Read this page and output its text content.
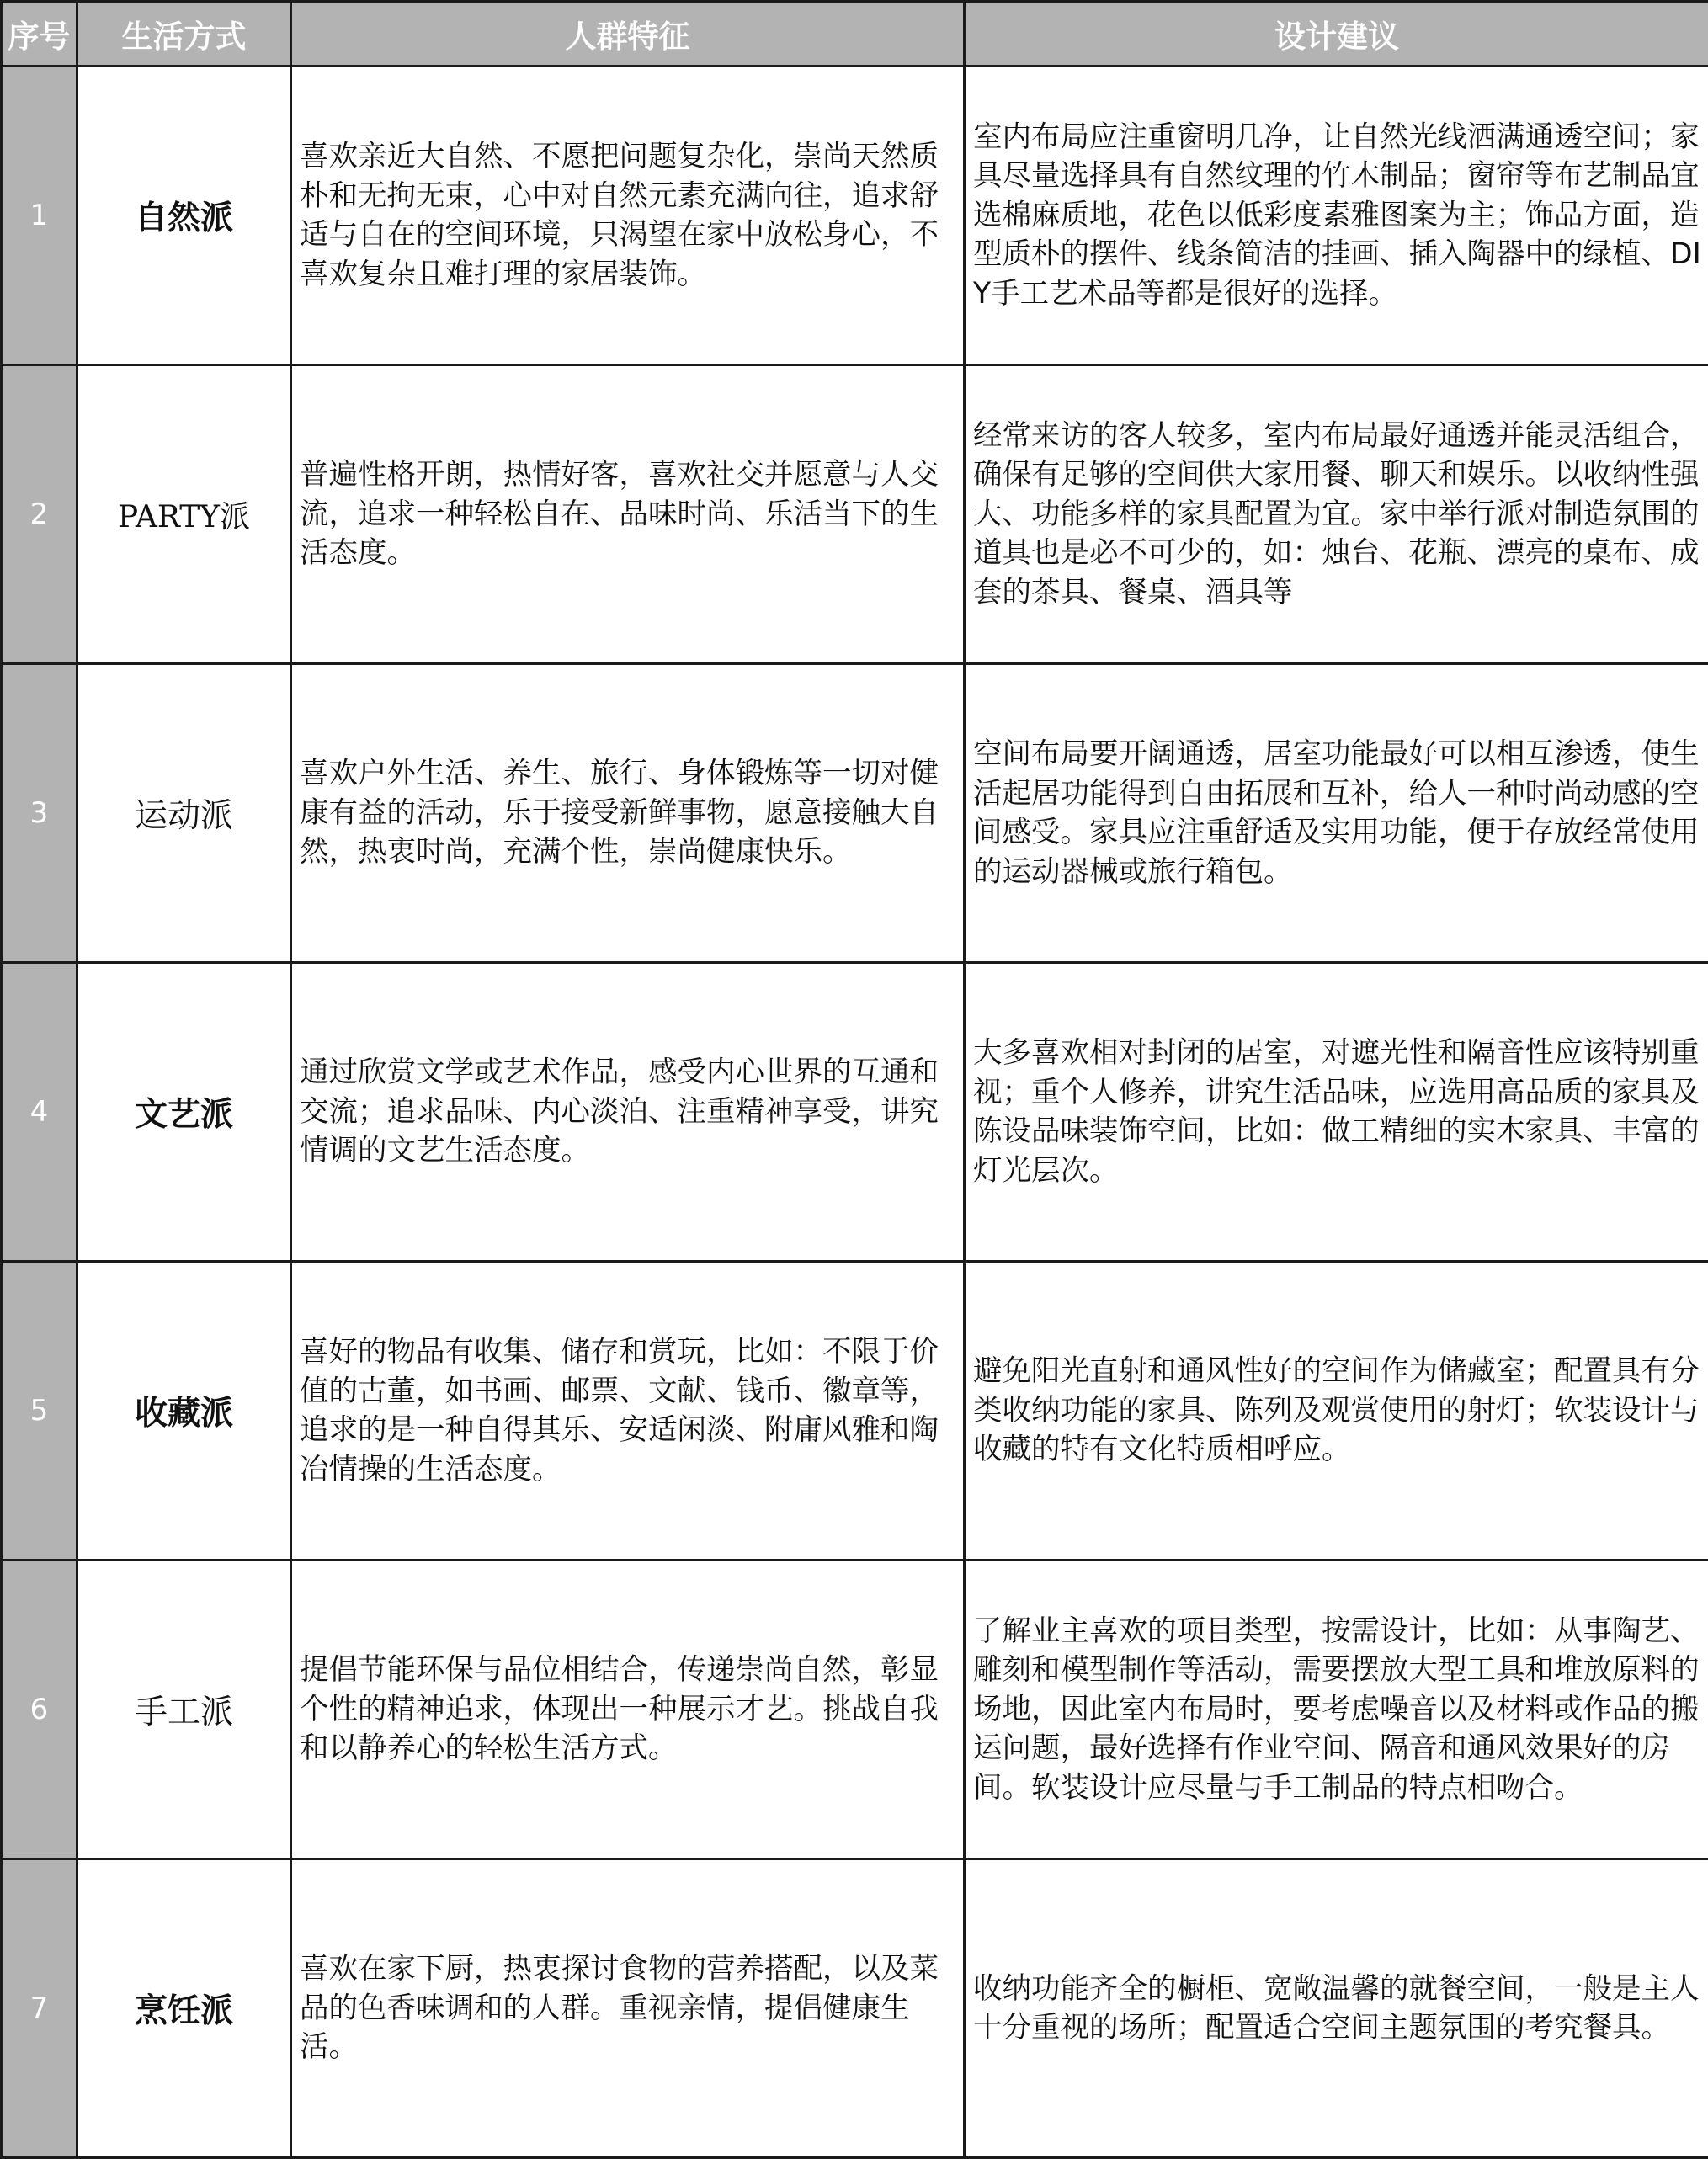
序号	生活方式	人群特征	设计建议
1	自然派	喜欢亲近大自然、不愿把问题复杂化，崇尚天然质朴和无拘无束，心中对自然元素充满向往，追求舒适与自在的空间环境，只渴望在家中放松身心，不喜欢复杂且难打理的家居装饰。	室内布局应注重窗明几净，让自然光线洒满通透空间；家具尽量选择具有自然纹理的竹木制品；窗帘等布艺制品宜选棉麻质地，花色以低彩度素雅图案为主；饰品方面，造型质朴的摆件、线条简洁的挂画、插入陶器中的绿植、DIY手工艺术品等都是很好的选择。
2	PARTY派	普遍性格开朗，热情好客，喜欢社交并愿意与人交流，追求一种轻松自在、品味时尚、乐活当下的生活态度。	经常来访的客人较多，室内布局最好通透并能灵活组合，确保有足够的空间供大家用餐、聊天和娱乐。以收纳性强大、功能多样的家具配置为宜。家中举行派对制造氛围的道具也是必不可少的，如：烛台、花瓶、漂亮的桌布、成套的茶具、餐桌、酒具等
3	运动派	喜欢户外生活、养生、旅行、身体锻炼等一切对健康有益的活动，乐于接受新鲜事物，愿意接触大自然，热衷时尚，充满个性，崇尚健康快乐。	空间布局要开阔通透，居室功能最好可以相互渗透，使生活起居功能得到自由拓展和互补，给人一种时尚动感的空间感受。家具应注重舒适及实用功能，便于存放经常使用的运动器械或旅行箱包。
4	文艺派	通过欣赏文学或艺术作品，感受内心世界的互通和交流；追求品味、内心淡泊、注重精神享受，讲究情调的文艺生活态度。	大多喜欢相对封闭的居室，对遮光性和隔音性应该特别重视；重个人修养，讲究生活品味，应选用高品质的家具及陈设品味装饰空间，比如：做工精细的实木家具、丰富的灯光层次。
5	收藏派	喜好的物品有收集、储存和赏玩，比如：不限于价值的古董，如书画、邮票、文献、钱币、徽章等，追求的是一种自得其乐、安适闲淡、附庸风雅和陶冶情操的生活态度。	避免阳光直射和通风性好的空间作为储藏室；配置具有分类收纳功能的家具、陈列及观赏使用的射灯；软装设计与收藏的特有文化特质相呼应。
6	手工派	提倡节能环保与品位相结合，传递崇尚自然，彰显个性的精神追求，体现出一种展示才艺。挑战自我和以静养心的轻松生活方式。	了解业主喜欢的项目类型，按需设计，比如：从事陶艺、雕刻和模型制作等活动，需要摆放大型工具和堆放原料的场地，因此室内布局时，要考虑噪音以及材料或作品的搬运问题，最好选择有作业空间、隔音和通风效果好的房间。软装设计应尽量与手工制品的特点相吻合。
7	烹饪派	喜欢在家下厨，热衷探讨食物的营养搭配，以及菜品的色香味调和的人群。重视亲情，提倡健康生活。	收纳功能齐全的橱柜、宽敞温馨的就餐空间，一般是主人十分重视的场所；配置适合空间主题氛围的考究餐具。
